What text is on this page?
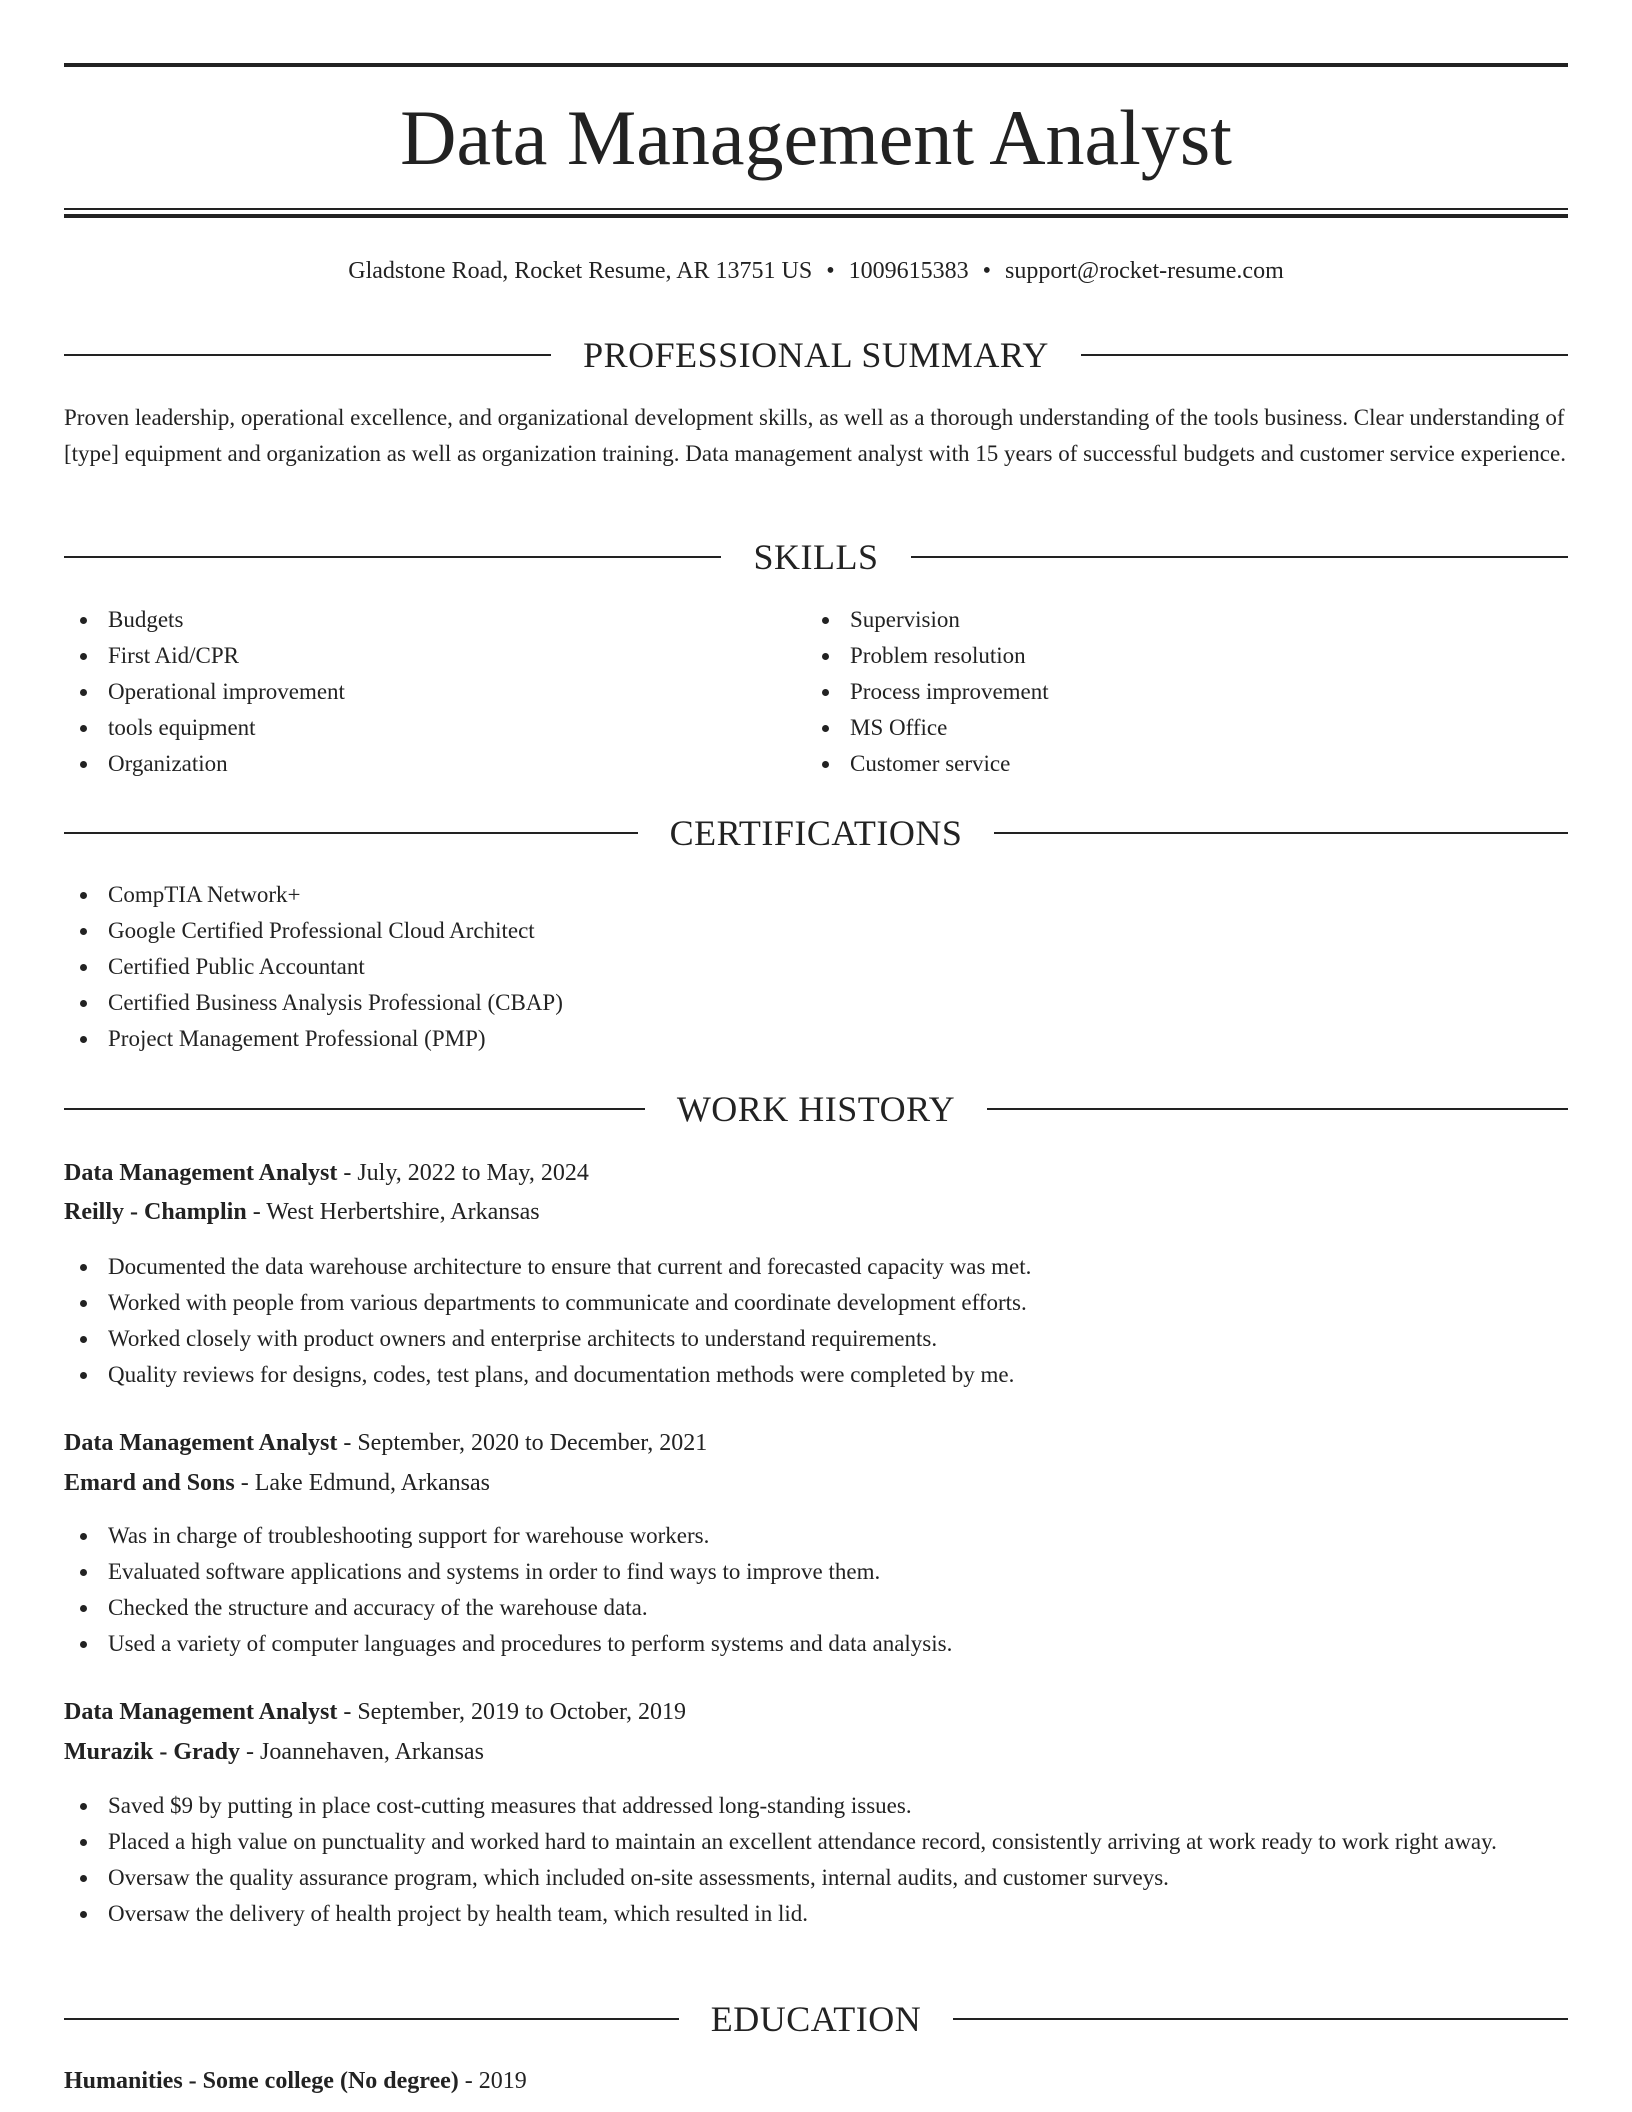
Data Management Analyst
Gladstone Road, Rocket Resume, AR 13751 US • 1009615383 • support@rocket-resume.com
PROFESSIONAL SUMMARY

Proven leadership, operational excellence, and organizational development skills, as well as a thorough understanding of the tools business. Clear understanding of [type] equipment and organization as well as organization training. Data management analyst with 15 years of successful budgets and customer service experience.

SKILLS
Budgets
First Aid/CPR
Operational improvement
tools equipment
Organization
Supervision
Problem resolution
Process improvement
MS Office
Customer service
CERTIFICATIONS
CompTIA Network+
Google Certified Professional Cloud Architect
Certified Public Accountant
Certified Business Analysis Professional (CBAP)
Project Management Professional (PMP)
WORK HISTORY
Data Management Analyst - July, 2022 to May, 2024
Reilly - Champlin - West Herbertshire, Arkansas
Documented the data warehouse architecture to ensure that current and forecasted capacity was met.
Worked with people from various departments to communicate and coordinate development efforts.
Worked closely with product owners and enterprise architects to understand requirements.
Quality reviews for designs, codes, test plans, and documentation methods were completed by me.
Data Management Analyst - September, 2020 to December, 2021
Emard and Sons - Lake Edmund, Arkansas
Was in charge of troubleshooting support for warehouse workers.
Evaluated software applications and systems in order to find ways to improve them.
Checked the structure and accuracy of the warehouse data.
Used a variety of computer languages and procedures to perform systems and data analysis.
Data Management Analyst - September, 2019 to October, 2019
Murazik - Grady - Joannehaven, Arkansas
Saved $9 by putting in place cost-cutting measures that addressed long-standing issues.
Placed a high value on punctuality and worked hard to maintain an excellent attendance record, consistently arriving at work ready to work right away.
Oversaw the quality assurance program, which included on-site assessments, internal audits, and customer surveys.
Oversaw the delivery of health project by health team, which resulted in lid.
EDUCATION
Humanities - Some college (No degree) - 2019
